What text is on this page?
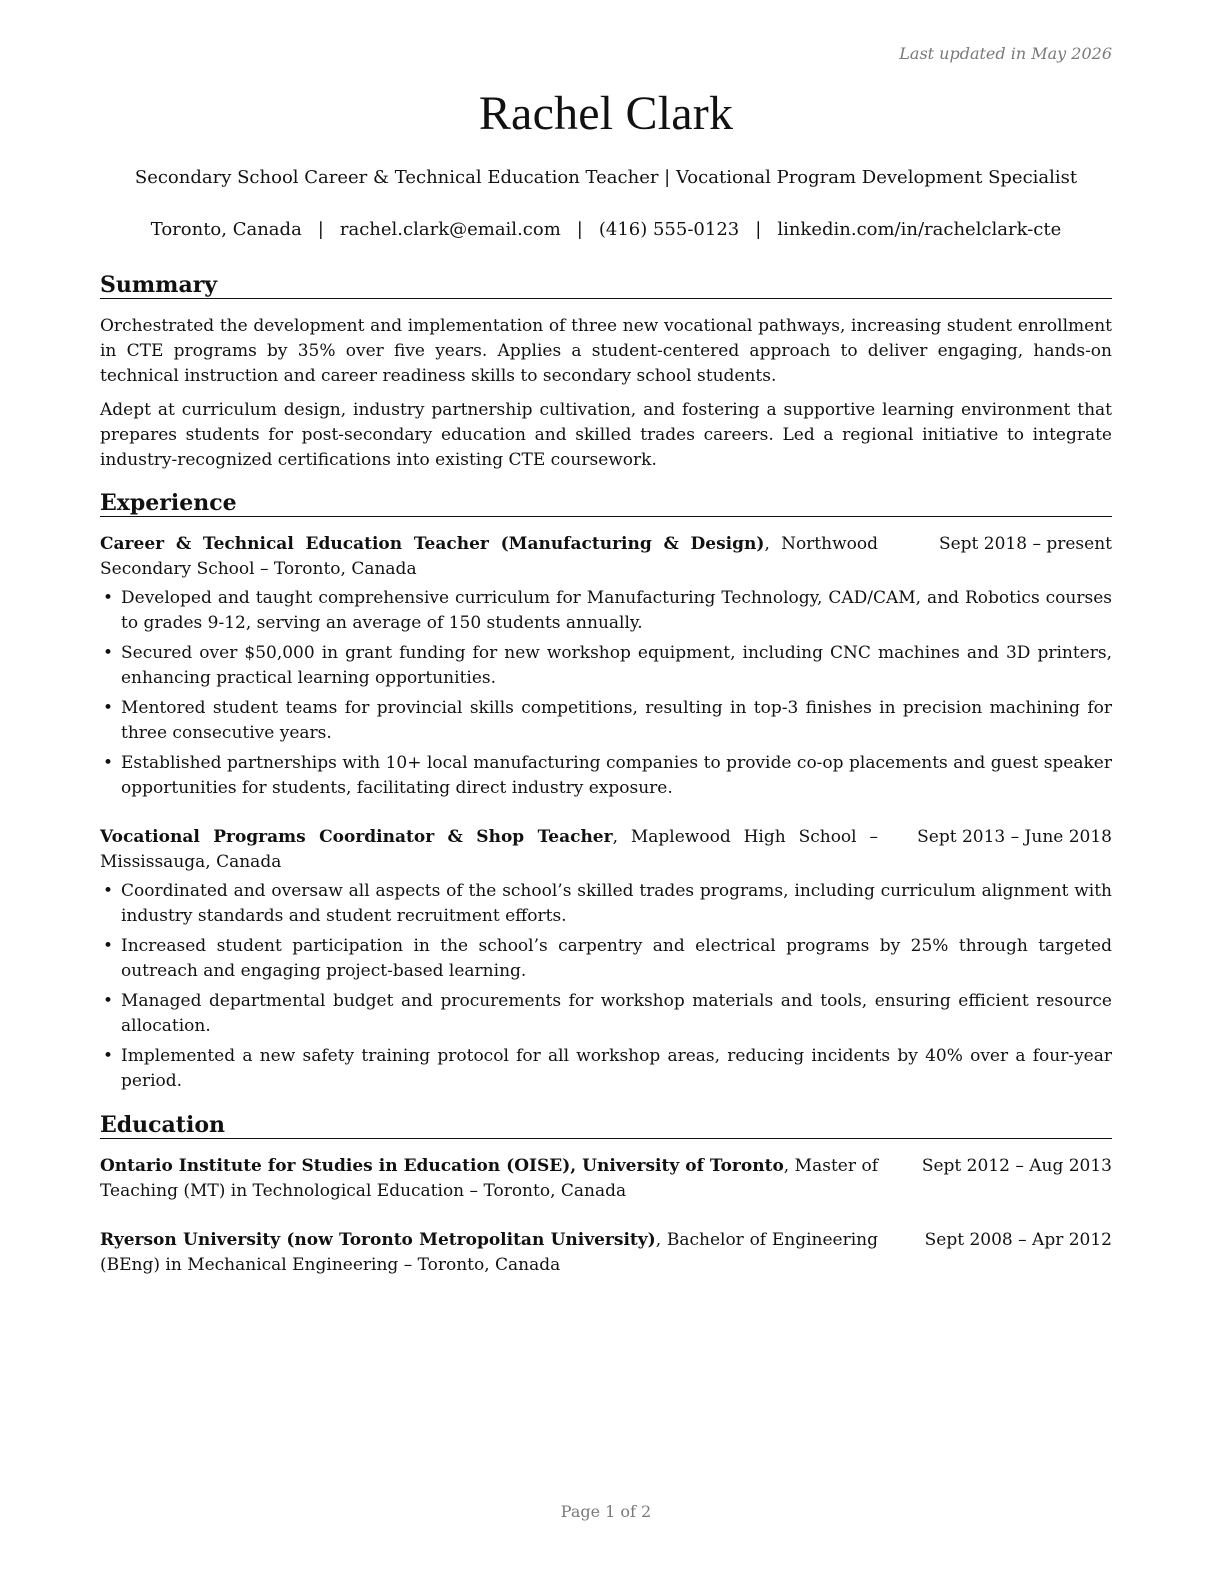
Last updated in May 2026
Rachel Clark
Secondary School Career & Technical Education Teacher | Vocational Program Development Specialist
Toronto, Canada | rachel.clark@email.com | (416) 555-0123 | linkedin.com/in/rachelclark-cte
Summary
Orchestrated the development and implementation of three new vocational pathways, increasing student enrollment in CTE programs by 35% over five years. Applies a student-centered approach to deliver engaging, hands-on technical instruction and career readiness skills to secondary school students.
Adept at curriculum design, industry partnership cultivation, and fostering a supportive learning environment that prepares students for post-secondary education and skilled trades careers. Led a regional initiative to integrate industry-recognized certifications into existing CTE coursework.
Experience
Career & Technical Education Teacher (Manufacturing & Design), Northwood Secondary School – Toronto, Canada
Sept 2018 – present
• Developed and taught comprehensive curriculum for Manufacturing Technology, CAD/CAM, and Robotics courses to grades 9-12, serving an average of 150 students annually.
• Secured over $50,000 in grant funding for new workshop equipment, including CNC machines and 3D printers, enhancing practical learning opportunities.
• Mentored student teams for provincial skills competitions, resulting in top-3 finishes in precision machining for three consecutive years.
• Established partnerships with 10+ local manufacturing companies to provide co-op placements and guest speaker opportunities for students, facilitating direct industry exposure.
Vocational Programs Coordinator & Shop Teacher, Maplewood High School – Mississauga, Canada
Sept 2013 – June 2018
• Coordinated and oversaw all aspects of the school’s skilled trades programs, including curriculum alignment with industry standards and student recruitment efforts.
• Increased student participation in the school’s carpentry and electrical programs by 25% through targeted outreach and engaging project-based learning.
• Managed departmental budget and procurements for workshop materials and tools, ensuring efficient resource allocation.
• Implemented a new safety training protocol for all workshop areas, reducing incidents by 40% over a four-year period.
Education
Ontario Institute for Studies in Education (OISE), University of Toronto, Master of Teaching (MT) in Technological Education – Toronto, Canada
Sept 2012 – Aug 2013
Ryerson University (now Toronto Metropolitan University), Bachelor of Engineering (BEng) in Mechanical Engineering – Toronto, Canada
Sept 2008 – Apr 2012
Page 1 of 2
